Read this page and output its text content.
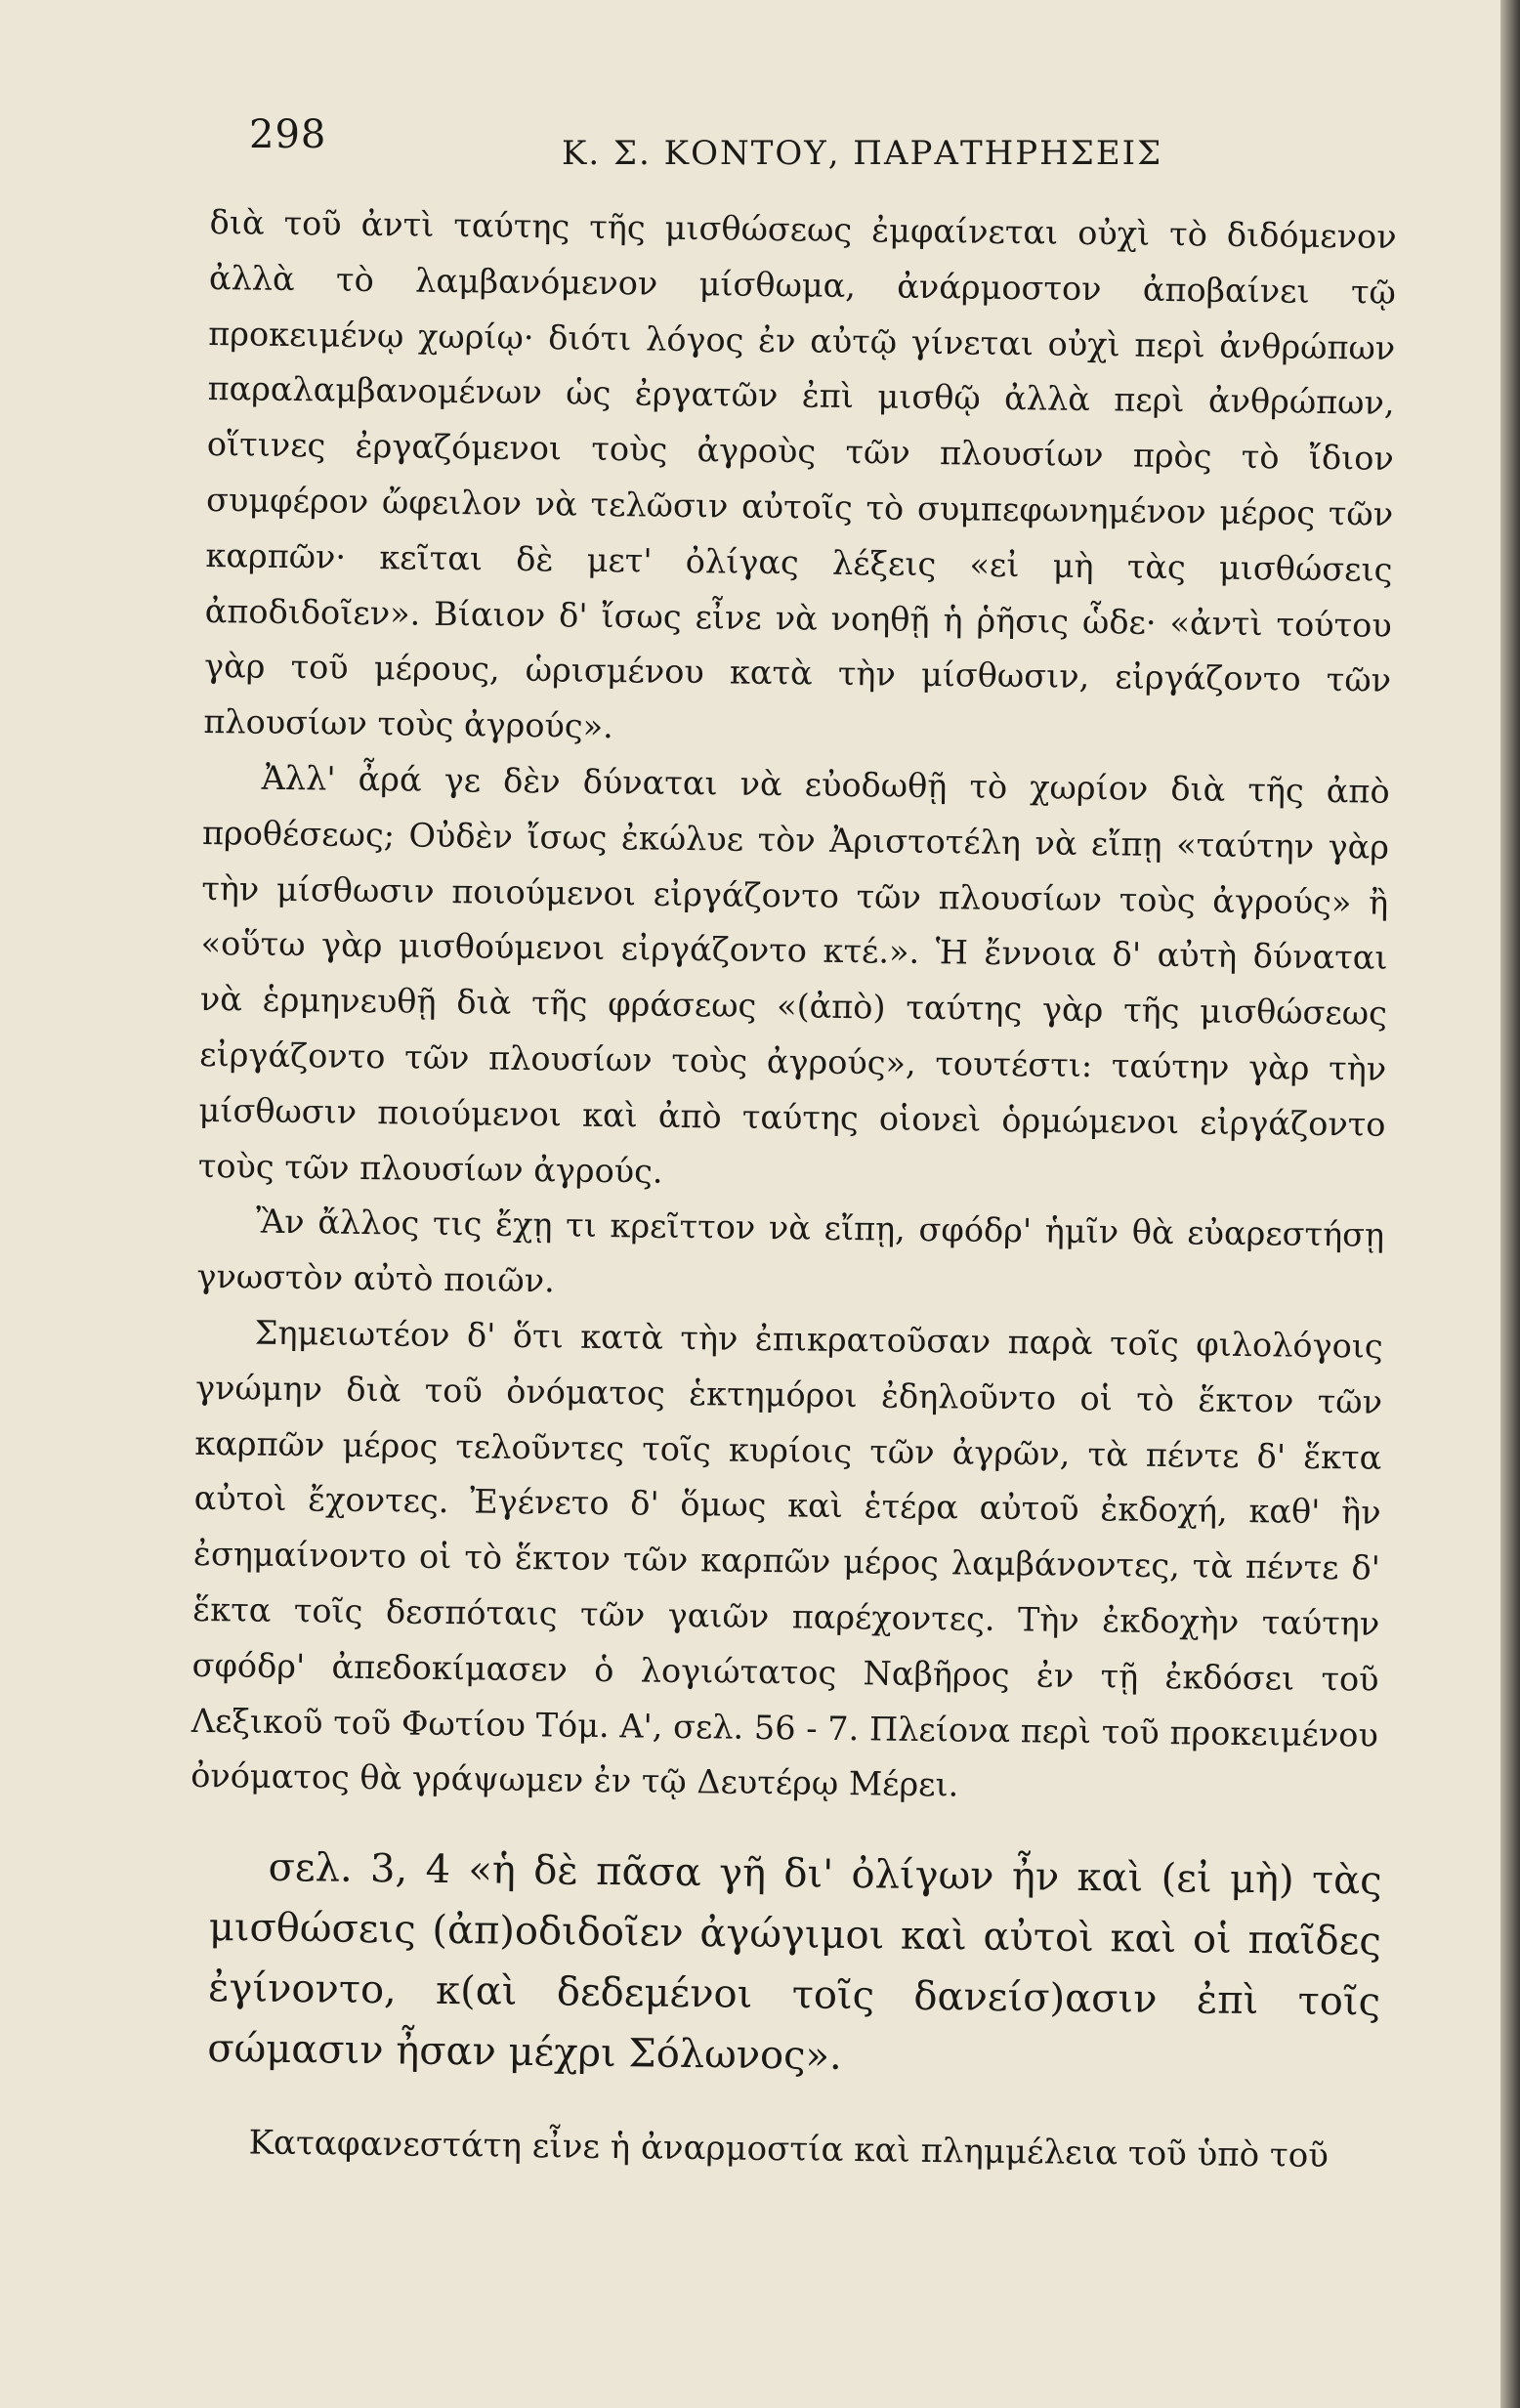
298	Κ. Σ. ΚΟΝΤΟΥ, ΠΑΡΑΤΗΡΗΣΕΙΣ

διὰ τοῦ ἀντὶ ταύτης τῆς μισθώσεως ἐμφαίνεται οὐχὶ τὸ διδόμενον ἀλλὰ τὸ λαμβανόμενον μίσθωμα, ἀνάρμοστον ἀποβαίνει τῷ προκειμένῳ χωρίῳ· διότι λόγος ἐν αὐτῷ γίνεται οὐχὶ περὶ ἀνθρώπων παραλαμβανομένων ὡς ἐργατῶν ἐπὶ μισθῷ ἀλλὰ περὶ ἀνθρώπων, οἵτινες ἐργαζόμενοι τοὺς ἀγροὺς τῶν πλουσίων πρὸς τὸ ἴδιον συμφέρον ὤφειλον νὰ τελῶσιν αὐτοῖς τὸ συμπεφωνημένον μέρος τῶν καρπῶν· κεῖται δὲ μετ' ὀλίγας λέξεις «εἰ μὴ τὰς μισθώσεις ἀποδιδοῖεν». Βίαιον δ' ἴσως εἶνε νὰ νοηθῇ ἡ ῥῆσις ὧδε· «ἀντὶ τούτου γὰρ τοῦ μέρους, ὡρισμένου κατὰ τὴν μίσθωσιν, εἰργάζοντο τῶν πλουσίων τοὺς ἀγρούς».

Ἀλλ' ἆρά γε δὲν δύναται νὰ εὐοδωθῇ τὸ χωρίον διὰ τῆς ἀπὸ προθέσεως; Οὐδὲν ἴσως ἐκώλυε τὸν Ἀριστοτέλη νὰ εἴπῃ «ταύτην γὰρ τὴν μίσθωσιν ποιούμενοι εἰργάζοντο τῶν πλουσίων τοὺς ἀγρούς» ἢ «οὕτω γὰρ μισθούμενοι εἰργάζοντο κτέ.». Ἡ ἔννοια δ' αὐτὴ δύναται νὰ ἑρμηνευθῇ διὰ τῆς φράσεως «(ἀπὸ) ταύτης γὰρ τῆς μισθώσεως εἰργάζοντο τῶν πλουσίων τοὺς ἀγρούς», τουτέστι: ταύτην γὰρ τὴν μίσθωσιν ποιούμενοι καὶ ἀπὸ ταύτης οἱονεὶ ὁρμώμενοι εἰργάζοντο τοὺς τῶν πλουσίων ἀγρούς.

Ἂν ἄλλος τις ἔχῃ τι κρεῖττον νὰ εἴπῃ, σφόδρ' ἡμῖν θὰ εὐαρεστήσῃ γνωστὸν αὐτὸ ποιῶν.

Σημειωτέον δ' ὅτι κατὰ τὴν ἐπικρατοῦσαν παρὰ τοῖς φιλολόγοις γνώμην διὰ τοῦ ὀνόματος ἑκτημόροι ἐδηλοῦντο οἱ τὸ ἕκτον τῶν καρπῶν μέρος τελοῦντες τοῖς κυρίοις τῶν ἀγρῶν, τὰ πέντε δ' ἕκτα αὐτοὶ ἔχοντες. Ἐγένετο δ' ὅμως καὶ ἑτέρα αὐτοῦ ἐκδοχή, καθ' ἣν ἐσημαίνοντο οἱ τὸ ἕκτον τῶν καρπῶν μέρος λαμβάνοντες, τὰ πέντε δ' ἕκτα τοῖς δεσπόταις τῶν γαιῶν παρέχοντες. Τὴν ἐκδοχὴν ταύτην σφόδρ' ἀπεδοκίμασεν ὁ λογιώτατος Ναβῆρος ἐν τῇ ἐκδόσει τοῦ Λεξικοῦ τοῦ Φωτίου Τόμ. Α', σελ. 56 - 7. Πλείονα περὶ τοῦ προκειμένου ὀνόματος θὰ γράψωμεν ἐν τῷ Δευτέρῳ Μέρει.

σελ. 3, 4 «ἡ δὲ πᾶσα γῆ δι' ὀλίγων ἦν καὶ (εἰ μὴ) τὰς μισθώσεις (ἀπ)οδιδοῖεν ἀγώγιμοι καὶ αὐτοὶ καὶ οἱ παῖδες ἐγίνοντο, κ(αὶ δεδεμένοι τοῖς δανείσ)ασιν ἐπὶ τοῖς σώμασιν ἦσαν μέχρι Σόλωνος».

Καταφανεστάτη εἶνε ἡ ἀναρμοστία καὶ πλημμέλεια τοῦ ὑπὸ τοῦ
